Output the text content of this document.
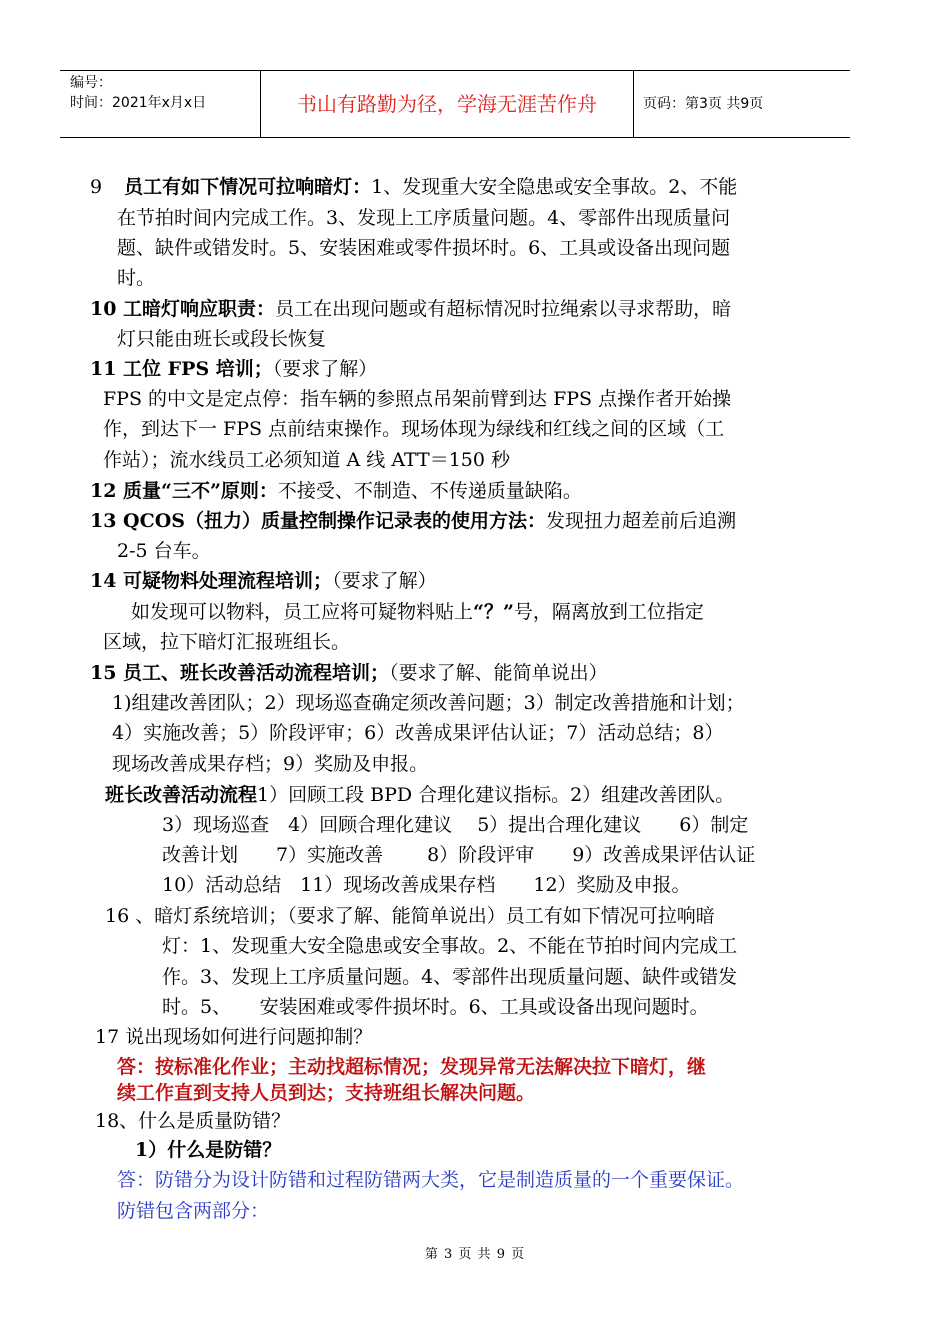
编号：
时间：2021年x月x日	书山有路勤为径，学海无涯苦作舟	页码：第3页 共9页
9 员工有如下情况可拉响暗灯：1、发现重大安全隐患或安全事故。2、不能
在节拍时间内完成工作。3、发现上工序质量问题。4、零部件出现质量问
题、缺件或错发时。5、安装困难或零件损坏时。6、工具或设备出现问题
时。
10 工暗灯响应职责：员工在出现问题或有超标情况时拉绳索以寻求帮助，暗
灯只能由班长或段长恢复
11 工位 FPS 培训；（要求了解）
FPS 的中文是定点停：指车辆的参照点吊架前臂到达 FPS 点操作者开始操
作，到达下一 FPS 点前结束操作。现场体现为绿线和红线之间的区域（工
作站）；流水线员工必须知道 A 线 ATT＝150 秒
12 质量“三不”原则：不接受、不制造、不传递质量缺陷。
13 QCOS（扭力）质量控制操作记录表的使用方法：发现扭力超差前后追溯
2-5 台车。
14 可疑物料处理流程培训；（要求了解）
如发现可以物料，员工应将可疑物料贴上“？”号，隔离放到工位指定
区域，拉下暗灯汇报班组长。
15 员工、班长改善活动流程培训；（要求了解、能简单说出）
1)组建改善团队；2）现场巡查确定须改善问题；3）制定改善措施和计划；
4）实施改善；5）阶段评审；6）改善成果评估认证；7）活动总结；8）
现场改善成果存档；9）奖励及申报。
班长改善活动流程1）回顾工段 BPD 合理化建议指标。2）组建改善团队。
3）现场巡查　4）回顾合理化建议　 5）提出合理化建议　　6）制定
改善计划　　7）实施改善　　 8）阶段评审　　9）改善成果评估认证
10）活动总结　11）现场改善成果存档　　12）奖励及申报。
16 、暗灯系统培训；（要求了解、能简单说出）员工有如下情况可拉响暗
灯：1、发现重大安全隐患或安全事故。2、不能在节拍时间内完成工
作。3、发现上工序质量问题。4、零部件出现质量问题、缺件或错发
时。5、　　安装困难或零件损坏时。6、工具或设备出现问题时。
17 说出现场如何进行问题抑制？
答：按标准化作业；主动找超标情况；发现异常无法解决拉下暗灯，继
续工作直到支持人员到达；支持班组长解决问题。
18、什么是质量防错？
1）什么是防错？
答：防错分为设计防错和过程防错两大类，它是制造质量的一个重要保证。
防错包含两部分：
第 3 页 共 9 页
